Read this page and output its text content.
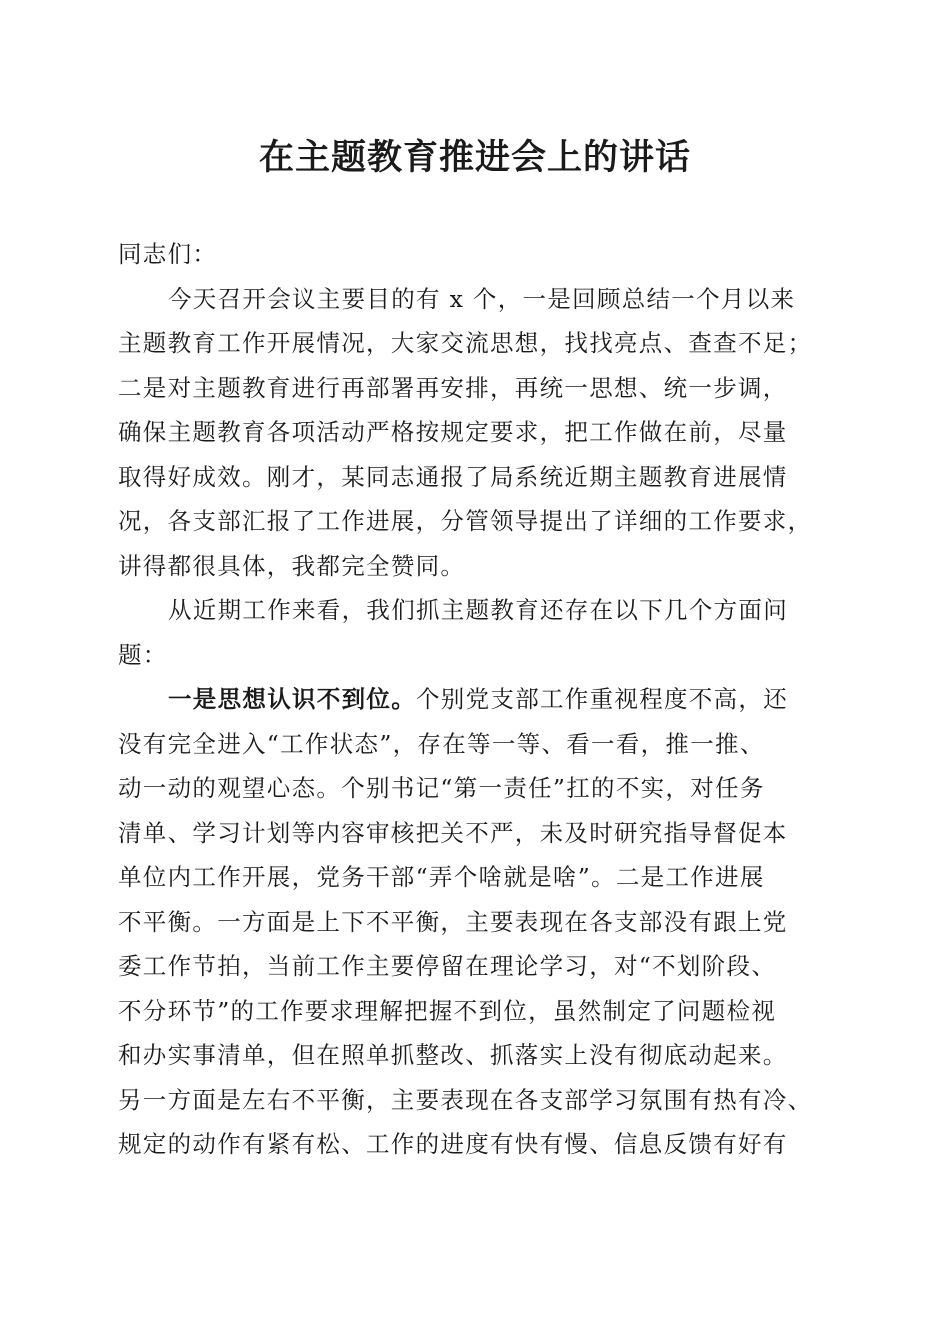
在主题教育推进会上的讲话
同志们：
今天召开会议主要目的有 x 个，一是回顾总结一个月以来
主题教育工作开展情况，大家交流思想，找找亮点、查查不足；
二是对主题教育进行再部署再安排，再统一思想、统一步调，
确保主题教育各项活动严格按规定要求，把工作做在前，尽量
取得好成效。刚才，某同志通报了局系统近期主题教育进展情
况，各支部汇报了工作进展，分管领导提出了详细的工作要求，
讲得都很具体，我都完全赞同。
从近期工作来看，我们抓主题教育还存在以下几个方面问
题：
一是思想认识不到位。个别党支部工作重视程度不高，还
没有完全进入“工作状态”，存在等一等、看一看，推一推、
动一动的观望心态。个别书记“第一责任”扛的不实，对任务
清单、学习计划等内容审核把关不严，未及时研究指导督促本
单位内工作开展，党务干部“弄个啥就是啥”。二是工作进展
不平衡。一方面是上下不平衡，主要表现在各支部没有跟上党
委工作节拍，当前工作主要停留在理论学习，对“不划阶段、
不分环节”的工作要求理解把握不到位，虽然制定了问题检视
和办实事清单，但在照单抓整改、抓落实上没有彻底动起来。
另一方面是左右不平衡，主要表现在各支部学习氛围有热有冷、
规定的动作有紧有松、工作的进度有快有慢、信息反馈有好有
